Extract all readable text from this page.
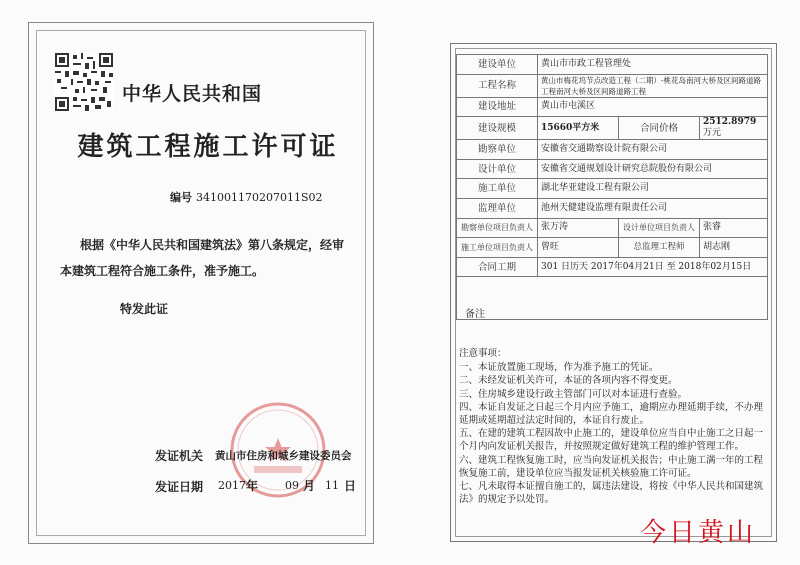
中华人民共和国
建筑工程施工许可证
编号 341001170207011S02
根据《中华人民共和国建筑法》第八条规定，经审
本建筑工程符合施工条件，准予施工。
特发此证
发证机关 黄山市住房和城乡建设委员会
发证日期 2017 年 09 月 11 日
建设单位	黄山市市政工程管理处		
工程名称	黄山市梅花坞节点改造工程（二期）-桃花岛南河大桥及区间路道路工程南河大桥及区间路道路工程		
建设地址	黄山市屯溪区		
建设规模	15660平方米	合同价格	2512.8979万元
勘察单位	安徽省交通勘察设计院有限公司		
设计单位	安徽省交通规划设计研究总院股份有限公司		
施工单位	湖北华亚建设工程有限公司		
监理单位	池州天健建设监理有限责任公司		
勘察单位项目负责人	张万涛	设计单位项目负责人	张睿
施工单位项目负责人	曾旺	总监理工程师	胡志刚
合同工期	301 日历天 2017年04月21日 至 2018年02月15日		

备注
注意事项：
一、本证放置施工现场，作为准予施工的凭证。
二、未经发证机关许可，本证的各项内容不得变更。
三、住房城乡建设行政主管部门可以对本证进行查验。
四、本证自发证之日起三个月内应予施工，逾期应办理延期手续，不办理延期或延期超过法定时间的，本证自行废止。
五、在建的建筑工程因故中止施工的，建设单位应当自中止施工之日起一个月内向发证机关报告，并按照规定做好建筑工程的维护管理工作。
六、建筑工程恢复施工时，应当向发证机关报告；中止施工满一年的工程恢复施工前，建设单位应当报发证机关核验施工许可证。
七、凡未取得本证擅自施工的，属违法建设，将按《中华人民共和国建筑法》的规定予以处罚。
今日黄山
